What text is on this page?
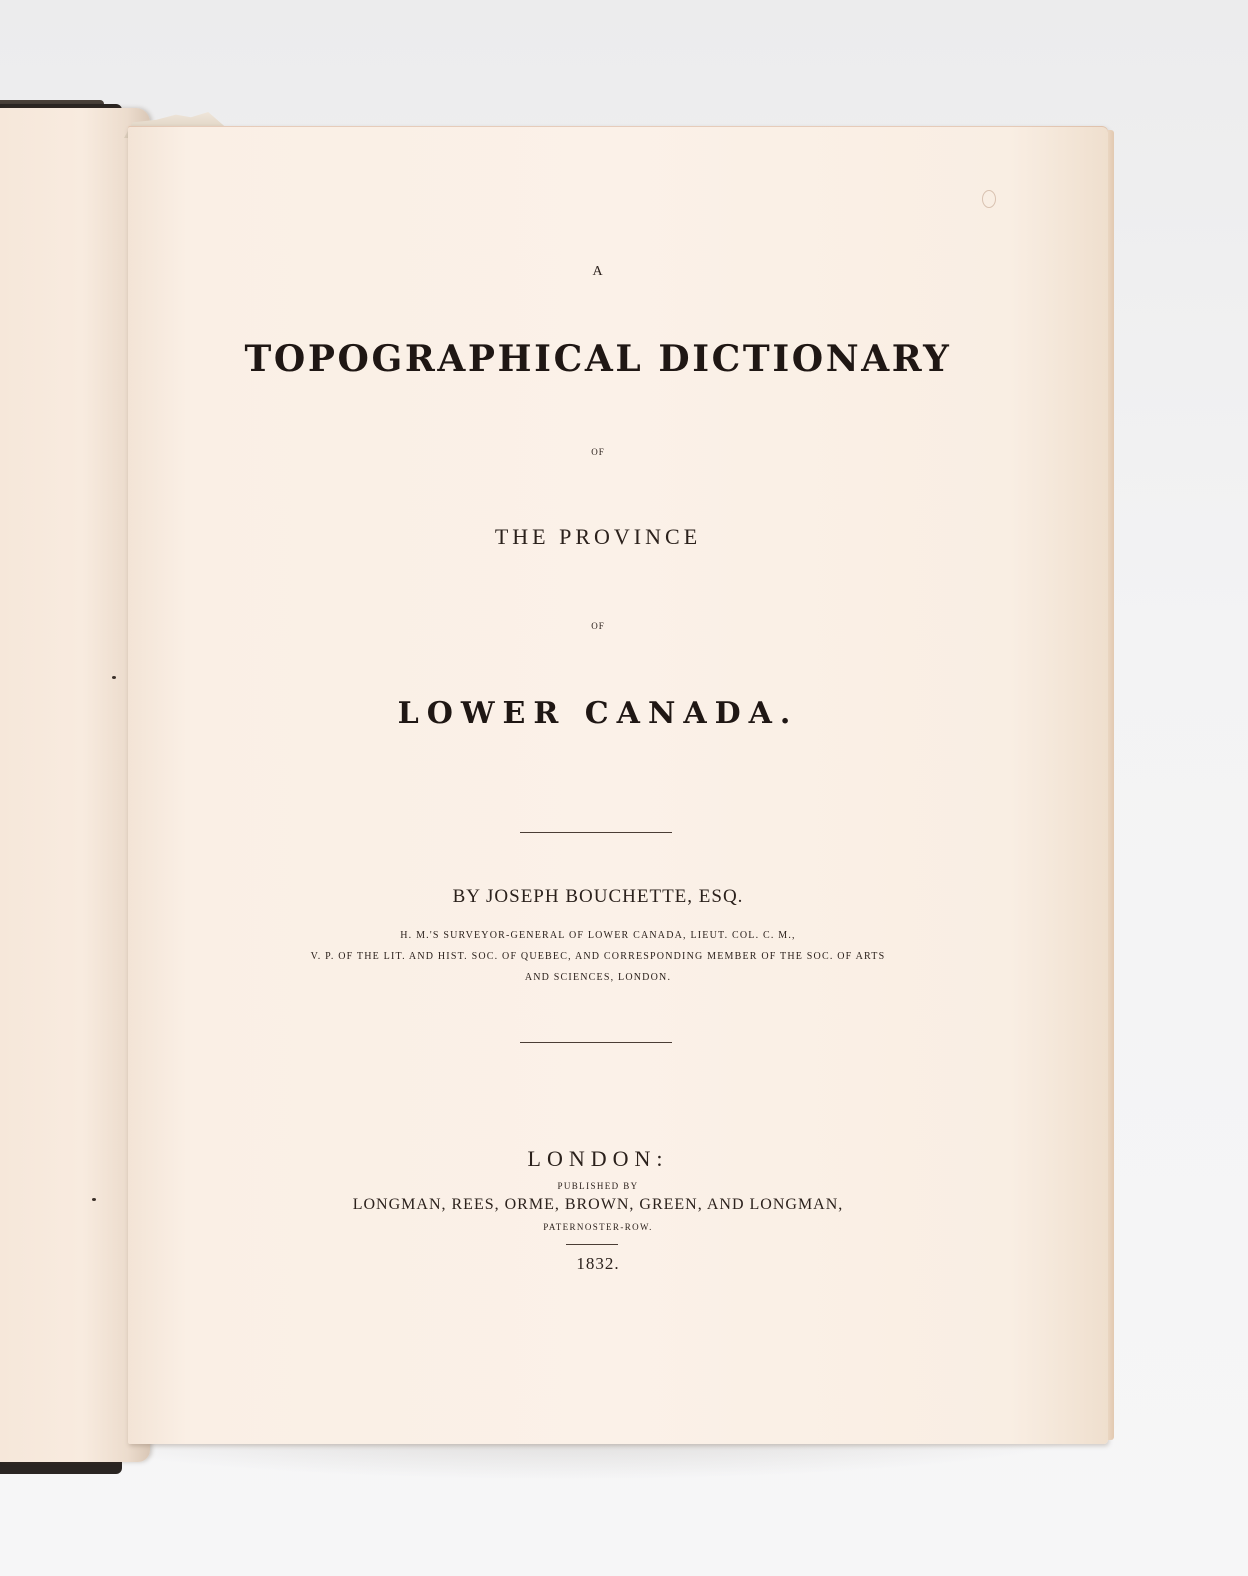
A
TOPOGRAPHICAL DICTIONARY
OF
THE PROVINCE
OF
LOWER CANADA.
BY JOSEPH BOUCHETTE, ESQ.
H. M.'S SURVEYOR-GENERAL OF LOWER CANADA, LIEUT. COL. C. M.,
V. P. OF THE LIT. AND HIST. SOC. OF QUEBEC, AND CORRESPONDING MEMBER OF THE SOC. OF ARTS
AND SCIENCES, LONDON.
LONDON:
PUBLISHED BY
LONGMAN, REES, ORME, BROWN, GREEN, AND LONGMAN,
PATERNOSTER-ROW.
1832.
